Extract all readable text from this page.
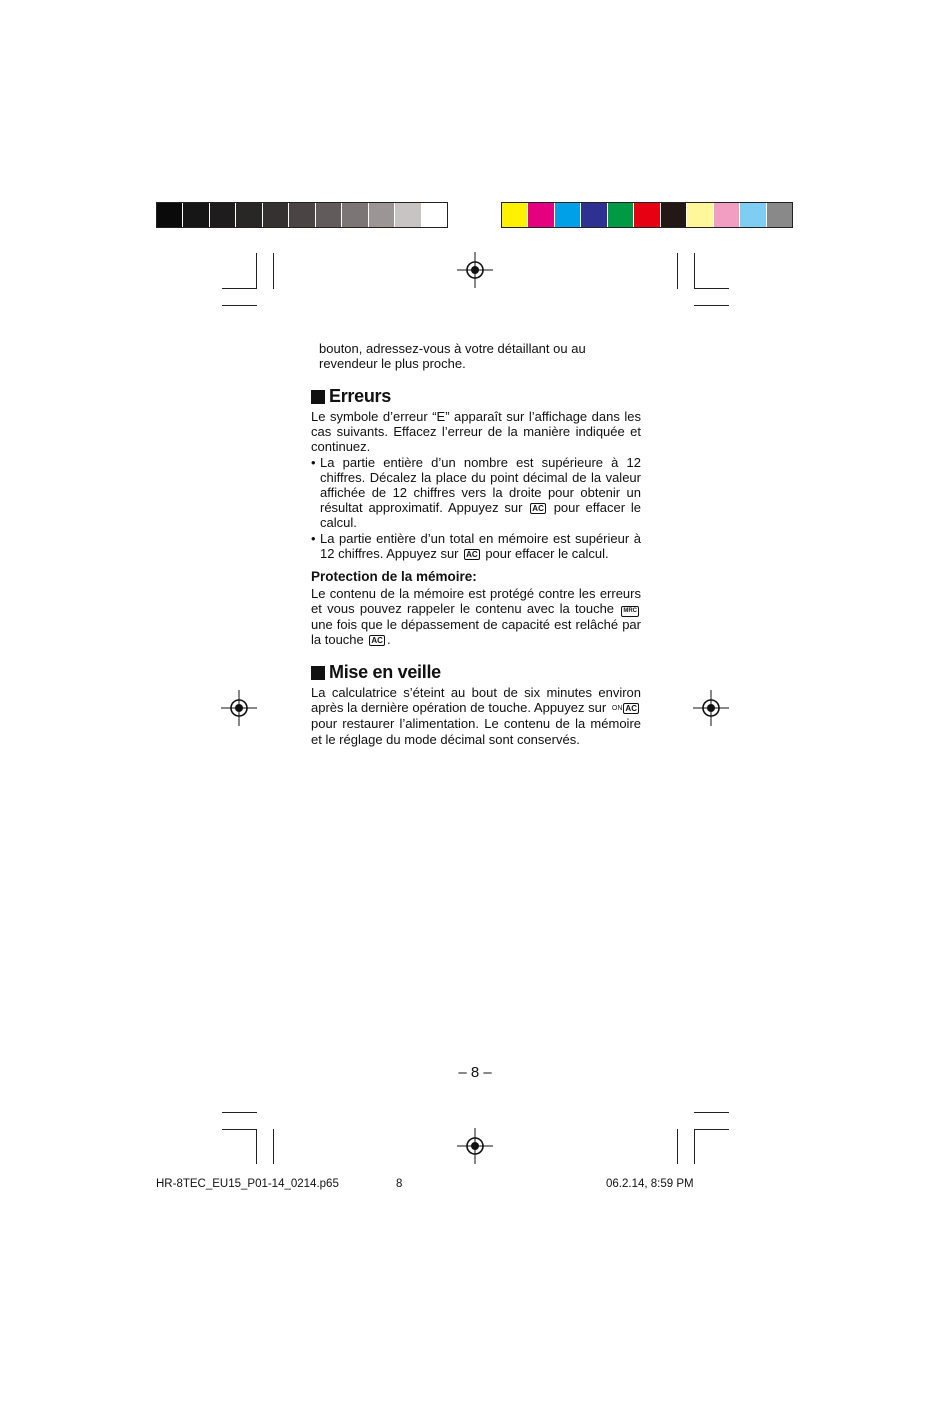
bouton, adressez-vous à votre détaillant ou au revendeur le plus proche.
Erreurs
Le symbole d’erreur “E” apparaît sur l’affichage dans les cas suivants. Effacez l’erreur de la manière indiquée et continuez.
• La partie entière d’un nombre est supérieure à 12 chiffres. Décalez la place du point décimal de la valeur affichée de 12 chiffres vers la droite pour obtenir un résultat approximatif. Appuyez sur AC pour effacer le calcul.
• La partie entière d’un total en mémoire est supérieur à 12 chiffres. Appuyez sur AC pour effacer le calcul.
Protection de la mémoire:
Le contenu de la mémoire est protégé contre les erreurs et vous pouvez rappeler le contenu avec la touche MRC une fois que le dépassement de capacité est relâché par la touche AC .
Mise en veille
La calculatrice s’éteint au bout de six minutes environ après la dernière opération de touche. Appuyez sur ON AC pour restaurer l’alimentation. Le contenu de la mémoire et le réglage du mode décimal sont conservés.
– 8 –
HR-8TEC_EU15_P01-14_0214.p65	8	06.2.14, 8:59 PM
